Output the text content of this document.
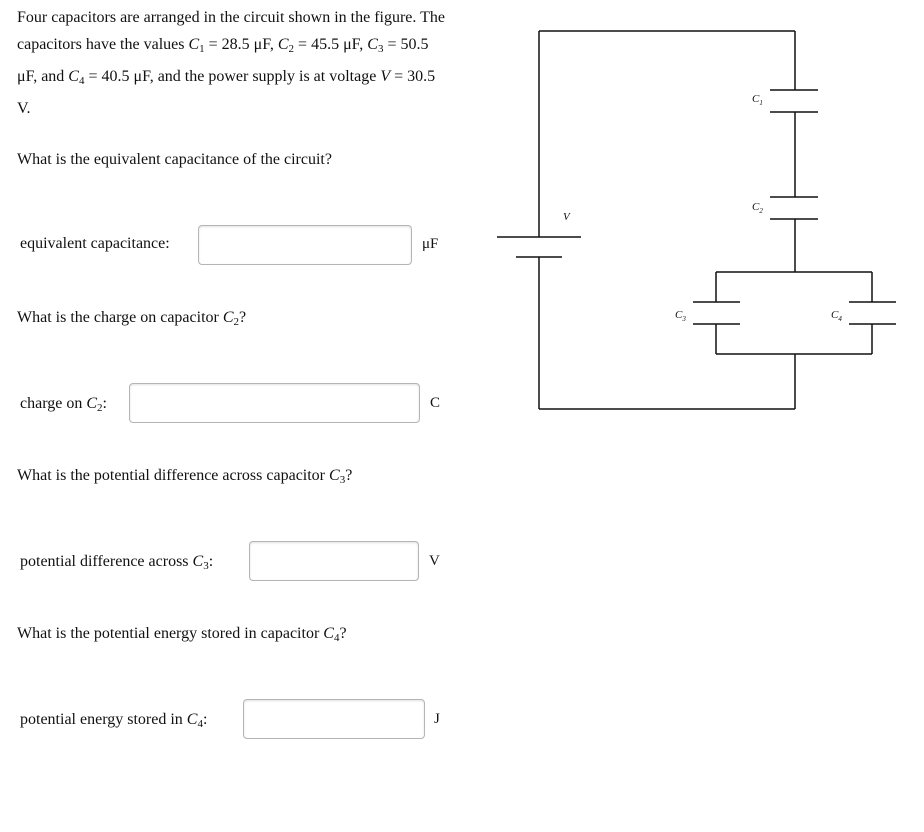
Four capacitors are arranged in the circuit shown in the figure. The capacitors have the values $C_1 = 28.5$ μF, $C_2 = 45.5$ μF, $C_3 = 50.5$ μF, and $C_4 = 40.5$ μF, and the power supply is at voltage V = 30.5 V.
What is the equivalent capacitance of the circuit?
equivalent capacitance:	μF
What is the charge on capacitor $C_2$?
charge on $C_2$:	C
What is the potential difference across capacitor $C_3$?
potential difference across $C_3$:	V
What is the potential energy stored in capacitor $C_4$?
potential energy stored in $C_4$:	J
V
$C_1$
$C_2$
$C_3$	$C_4$
